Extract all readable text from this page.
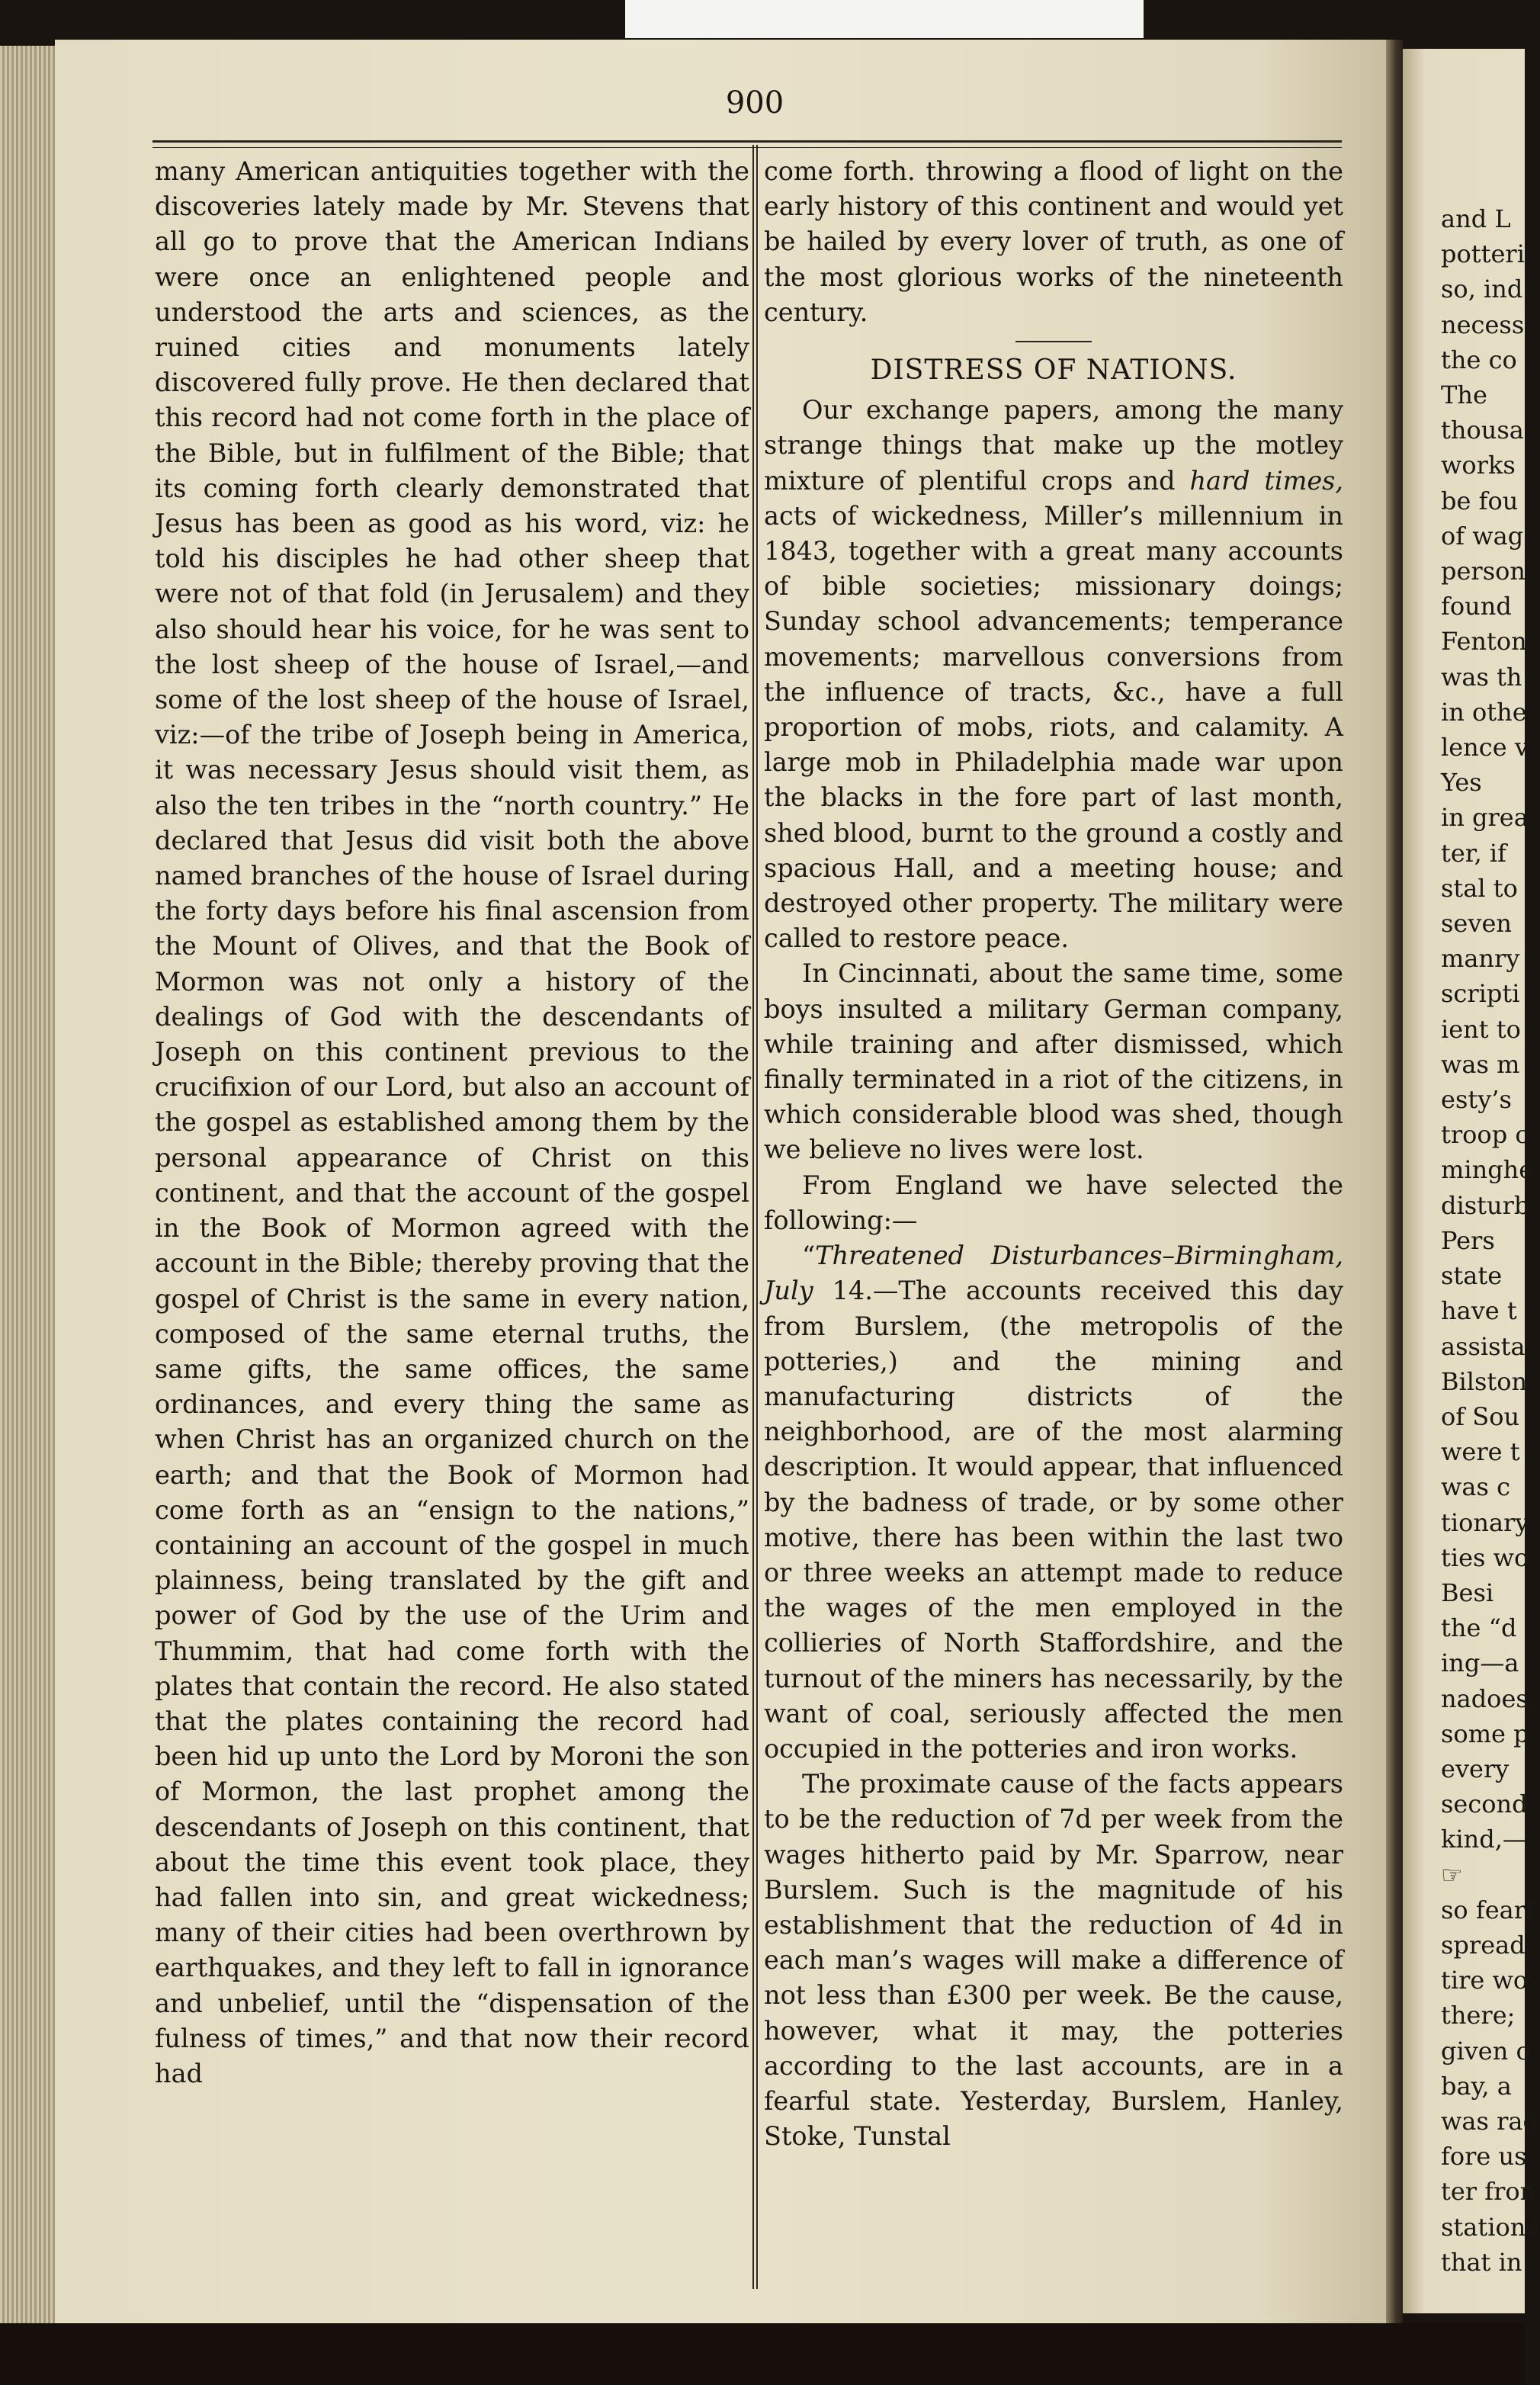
and L
potteri
so, ind
necess
the co
The
thousa
works
be fou
of wag
person
found
Fenton
was th
in othe
lence v
Yes
in grea
ter, if
stal to
seven
manry
scripti
ient to
was m
esty’s
troop c
minghe
disturb
Pers
state
have t
assista
Bilston
of Sou
were t
was c
tionary
ties wo
Besi
the “d
ing—a
nadoes,
some p
every
second
kind,—
☞
so fearf
spread
tire wo
there;
given o
bay, a
was rag
fore us
ter fron
statione
that in
900

many American antiquities together with the discoveries lately made by Mr. Stevens that all go to prove that the American Indians were once an enlightened people and understood the arts and sciences, as the ruined cities and monuments lately discovered fully prove. He then declared that this record had not come forth in the place of the Bible, but in fulfilment of the Bible; that its coming forth clearly demonstrated that Jesus has been as good as his word, viz: he told his disciples he had other sheep that were not of that fold (in Jerusalem) and they also should hear his voice, for he was sent to the lost sheep of the house of Israel,—and some of the lost sheep of the house of Israel, viz:—of the tribe of Joseph being in America, it was necessary Jesus should visit them, as also the ten tribes in the “north country.” He declared that Jesus did visit both the above named branches of the house of Israel during the forty days before his final ascension from the Mount of Olives, and that the Book of Mormon was not only a history of the dealings of God with the descendants of Joseph on this continent previous to the crucifixion of our Lord, but also an account of the gospel as established among them by the personal appearance of Christ on this continent, and that the account of the gospel in the Book of Mormon agreed with the account in the Bible; thereby proving that the gospel of Christ is the same in every nation, composed of the same eternal truths, the same gifts, the same offices, the same ordinances, and every thing the same as when Christ has an organized church on the earth; and that the Book of Mormon had come forth as an “ensign to the nations,” containing an account of the gospel in much plainness, being translated by the gift and power of God by the use of the Urim and Thummim, that had come forth with the plates that contain the record. He also stated that the plates containing the record had been hid up unto the Lord by Moroni the son of Mormon, the last prophet among the descendants of Joseph on this continent, that about the time this event took place, they had fallen into sin, and great wickedness; many of their cities had been overthrown by earthquakes, and they left to fall in ignorance and unbelief, until the “dispensation of the fulness of times,” and that now their record had

come forth. throwing a flood of light on the early history of this continent and would yet be hailed by every lover of truth, as one of the most glorious works of the nineteenth century.

DISTRESS OF NATIONS.

Our exchange papers, among the many strange things that make up the motley mixture of plentiful crops and hard times, acts of wickedness, Miller’s millennium in 1843, together with a great many accounts of bible societies; missionary doings; Sunday school advancements; temperance movements; marvellous conversions from the influence of tracts, &c., have a full proportion of mobs, riots, and calamity. A large mob in Philadelphia made war upon the blacks in the fore part of last month, shed blood, burnt to the ground a costly and spacious Hall, and a meeting house; and destroyed other property. The military were called to restore peace.

In Cincinnati, about the same time, some boys insulted a military German company, while training and after dismissed, which finally terminated in a riot of the citizens, in which considerable blood was shed, though we believe no lives were lost.

From England we have selected the following:—

“Threatened Disturbances–Birmingham, July 14.—The accounts received this day from Burslem, (the metropolis of the potteries,) and the mining and manufacturing districts of the neighborhood, are of the most alarming description. It would appear, that influenced by the badness of trade, or by some other motive, there has been within the last two or three weeks an attempt made to reduce the wages of the men employed in the collieries of North Staffordshire, and the turnout of the miners has necessarily, by the want of coal, seriously affected the men occupied in the potteries and iron works.

The proximate cause of the facts appears to be the reduction of 7d per week from the wages hitherto paid by Mr. Sparrow, near Burslem. Such is the magnitude of his establishment that the reduction of 4d in each man’s wages will make a difference of not less than £300 per week. Be the cause, however, what it may, the potteries according to the last accounts, are in a fearful state. Yesterday, Burslem, Hanley, Stoke, Tunstal
